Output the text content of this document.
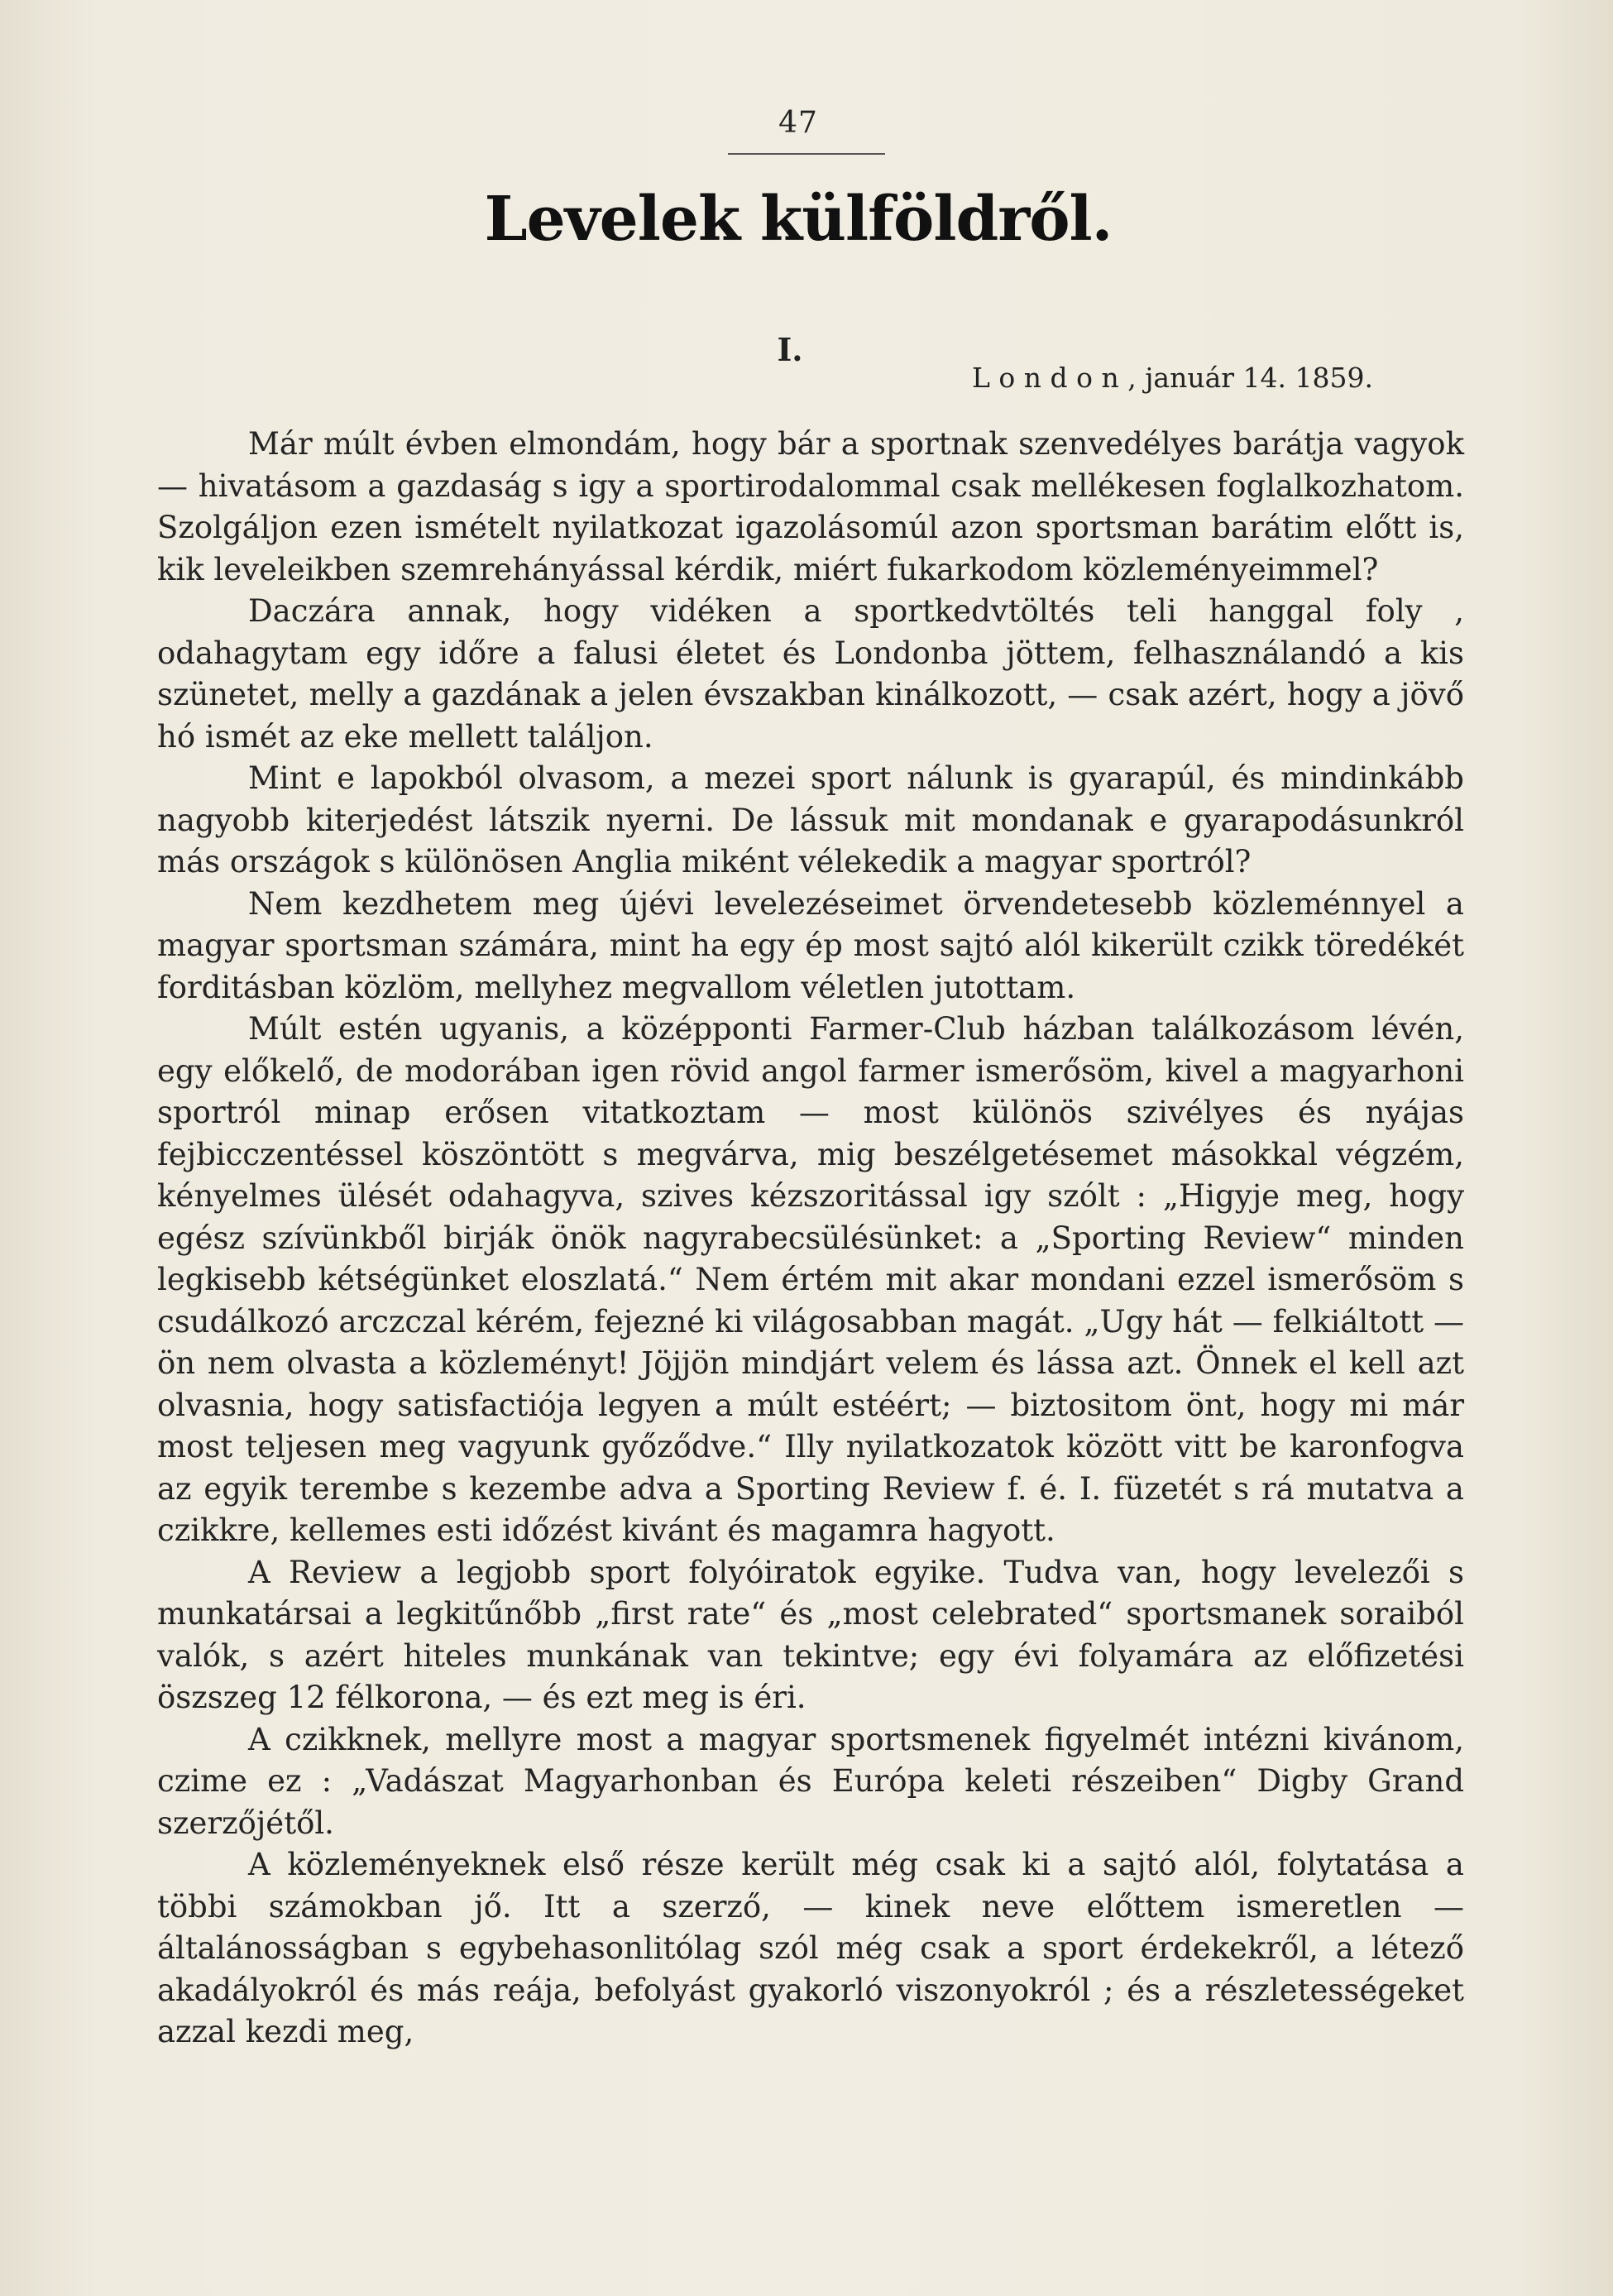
47
Levelek külföldről.
I.
L o n d o n , január 14. 1859.

Már múlt évben elmondám, hogy bár a sportnak szenvedélyes barátja vagyok — hivatásom a gazdaság s igy a sportirodalommal csak mellékesen foglalkozhatom. Szolgáljon ezen ismételt nyilatkozat igazolásomúl azon sportsman barátim előtt is, kik leveleikben szemrehányással kérdik, miért fukarkodom közleményeimmel?

Daczára annak, hogy vidéken a sportkedvtöltés teli hanggal foly , odahagytam egy időre a falusi életet és Londonba jöttem, felhasználandó a kis szünetet, melly a gazdának a jelen évszakban kinálkozott, — csak azért, hogy a jövő hó ismét az eke mellett találjon.

Mint e lapokból olvasom, a mezei sport nálunk is gyarapúl, és mindinkább nagyobb kiterjedést látszik nyerni. De lássuk mit mondanak e gyarapodásunkról más országok s különösen Anglia miként vélekedik a magyar sportról?

Nem kezdhetem meg újévi levelezéseimet örvendetesebb közleménnyel a magyar sportsman számára, mint ha egy ép most sajtó alól kikerült czikk töredékét forditásban közlöm, mellyhez megvallom véletlen jutottam.

Múlt estén ugyanis, a középponti Farmer-Club házban találkozásom lévén, egy előkelő, de modorában igen rövid angol farmer ismerősöm, kivel a magyarhoni sportról minap erősen vitatkoztam — most különös szivélyes és nyájas fejbicczentéssel köszöntött s megvárva, mig beszélgetésemet másokkal végzém, kényelmes ülését odahagyva, szives kézszoritással igy szólt : „Higyje meg, hogy egész szívünkből birják önök nagyrabecsülésünket: a „Sporting Review“ minden legkisebb kétségünket eloszlatá.“ Nem értém mit akar mondani ezzel ismerősöm s csudálkozó arczczal kérém, fejezné ki világosabban magát. „Ugy hát — felkiáltott — ön nem olvasta a közleményt! Jöjjön mindjárt velem és lássa azt. Önnek el kell azt olvasnia, hogy satisfactiója legyen a múlt estéért; — biztositom önt, hogy mi már most teljesen meg vagyunk győződve.“ Illy nyilatkozatok között vitt be karonfogva az egyik terembe s kezembe adva a Sporting Review f. é. I. füzetét s rá mutatva a czikkre, kellemes esti időzést kivánt és magamra hagyott.

A Review a legjobb sport folyóiratok egyike. Tudva van, hogy levelezői s munkatársai a legkitűnőbb „first rate“ és „most celebrated“ sportsmanek soraiból valók, s azért hiteles munkának van tekintve; egy évi folyamára az előfizetési öszszeg 12 félkorona, — és ezt meg is éri.

A czikknek, mellyre most a magyar sportsmenek figyelmét intézni kivánom, czime ez : „Vadászat Magyarhonban és Európa keleti részeiben“ Digby Grand szerzőjétől.

A közleményeknek első része került még csak ki a sajtó alól, folytatása a többi számokban jő. Itt a szerző, — kinek neve előttem ismeretlen — általánosságban s egybehasonlitólag szól még csak a sport érdekekről, a létező akadályokról és más reája, befolyást gyakorló viszonyokról ; és a részletességeket azzal kezdi meg,
